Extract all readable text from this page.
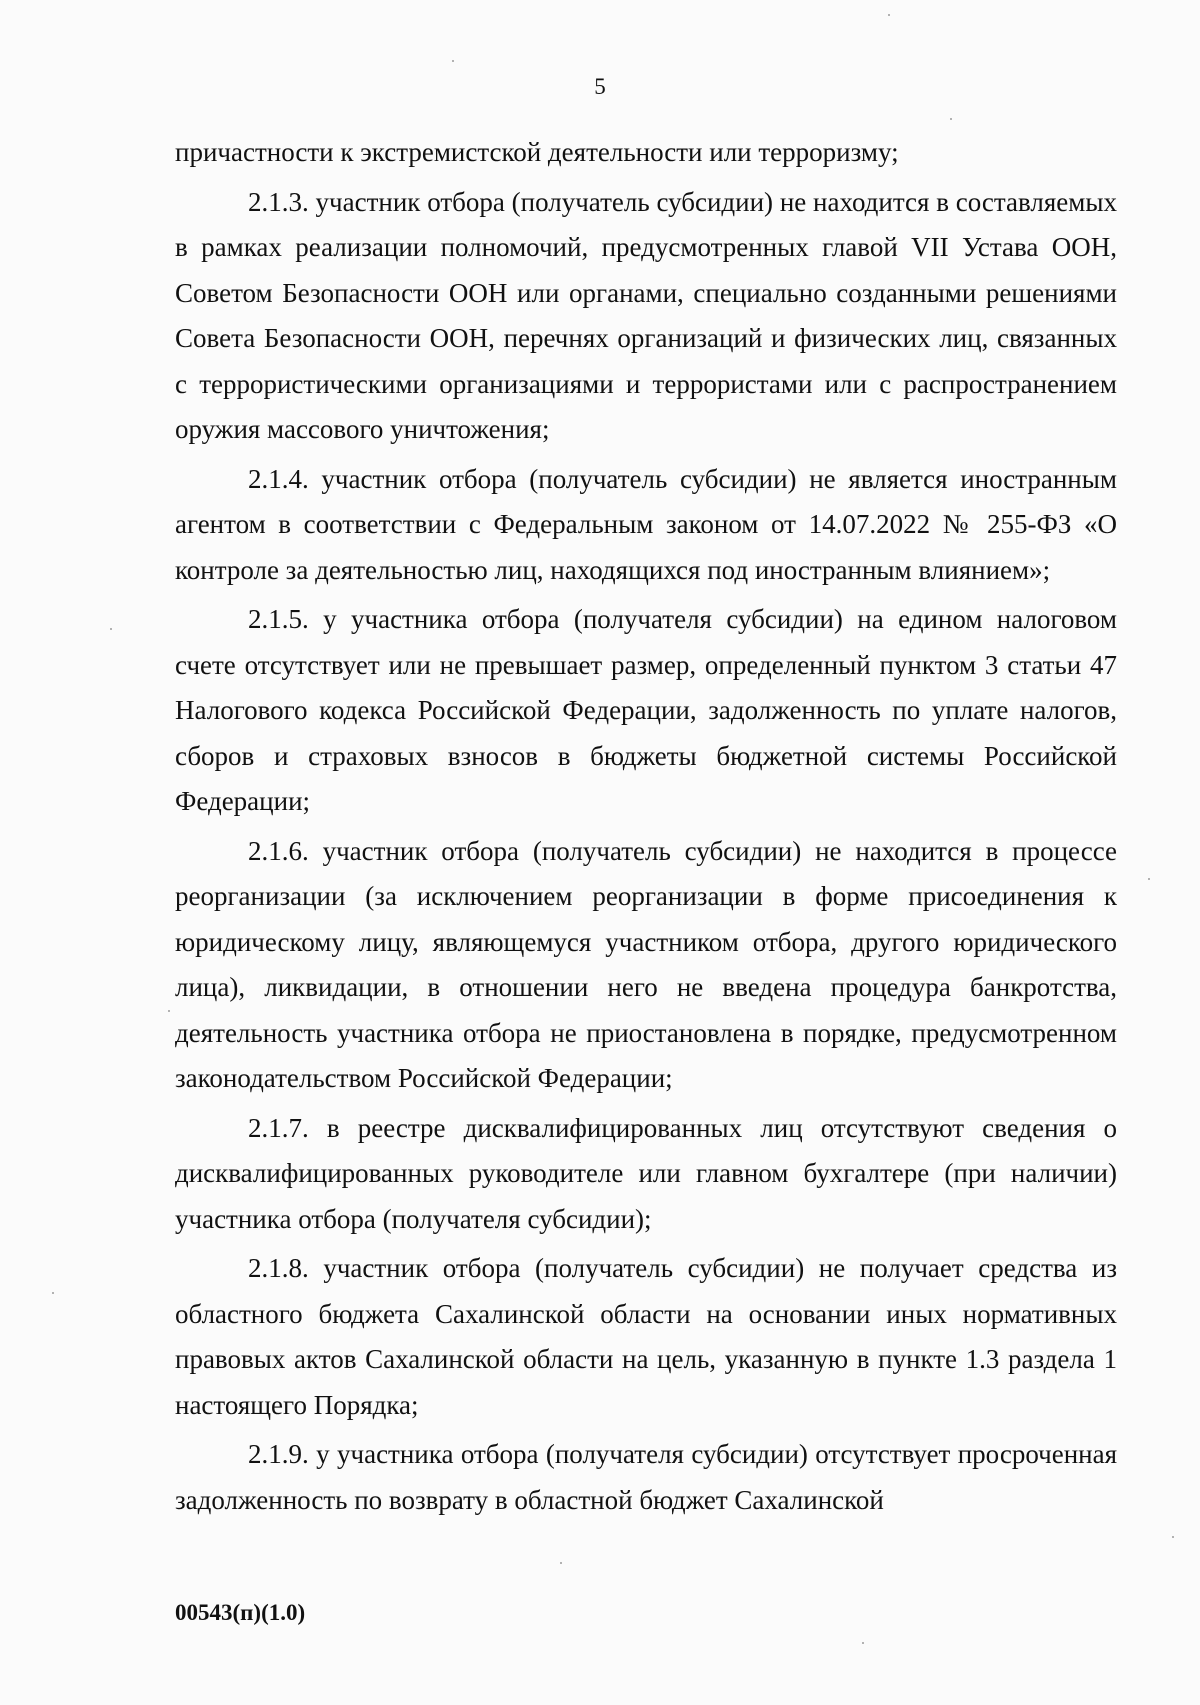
5

причастности к экстремистской деятельности или терроризму;

2.1.3. участник отбора (получатель субсидии) не находится в составляемых в рамках реализации полномочий, предусмотренных главой VII Устава ООН, Советом Безопасности ООН или органами, специально созданными решениями Совета Безопасности ООН, перечнях организаций и физических лиц, связанных с террористическими организациями и террористами или с распространением оружия массового уничтожения;

2.1.4. участник отбора (получатель субсидии) не является иностранным агентом в соответствии с Федеральным законом от 14.07.2022 № 255-ФЗ «О контроле за деятельностью лиц, находящихся под иностранным влиянием»;

2.1.5. у участника отбора (получателя субсидии) на едином налоговом счете отсутствует или не превышает размер, определенный пунктом 3 статьи 47 Налогового кодекса Российской Федерации, задолженность по уплате налогов, сборов и страховых взносов в бюджеты бюджетной системы Российской Федерации;

2.1.6. участник отбора (получатель субсидии) не находится в процессе реорганизации (за исключением реорганизации в форме присоединения к юридическому лицу, являющемуся участником отбора, другого юридического лица), ликвидации, в отношении него не введена процедура банкротства, деятельность участника отбора не приостановлена в порядке, предусмотренном законодательством Российской Федерации;

2.1.7. в реестре дисквалифицированных лиц отсутствуют сведения о дисквалифицированных руководителе или главном бухгалтере (при наличии) участника отбора (получателя субсидии);

2.1.8. участник отбора (получатель субсидии) не получает средства из областного бюджета Сахалинской области на основании иных нормативных правовых актов Сахалинской области на цель, указанную в пункте 1.3 раздела 1 настоящего Порядка;

2.1.9. у участника отбора (получателя субсидии) отсутствует просроченная задолженность по возврату в областной бюджет Сахалинской

00543(п)(1.0)
